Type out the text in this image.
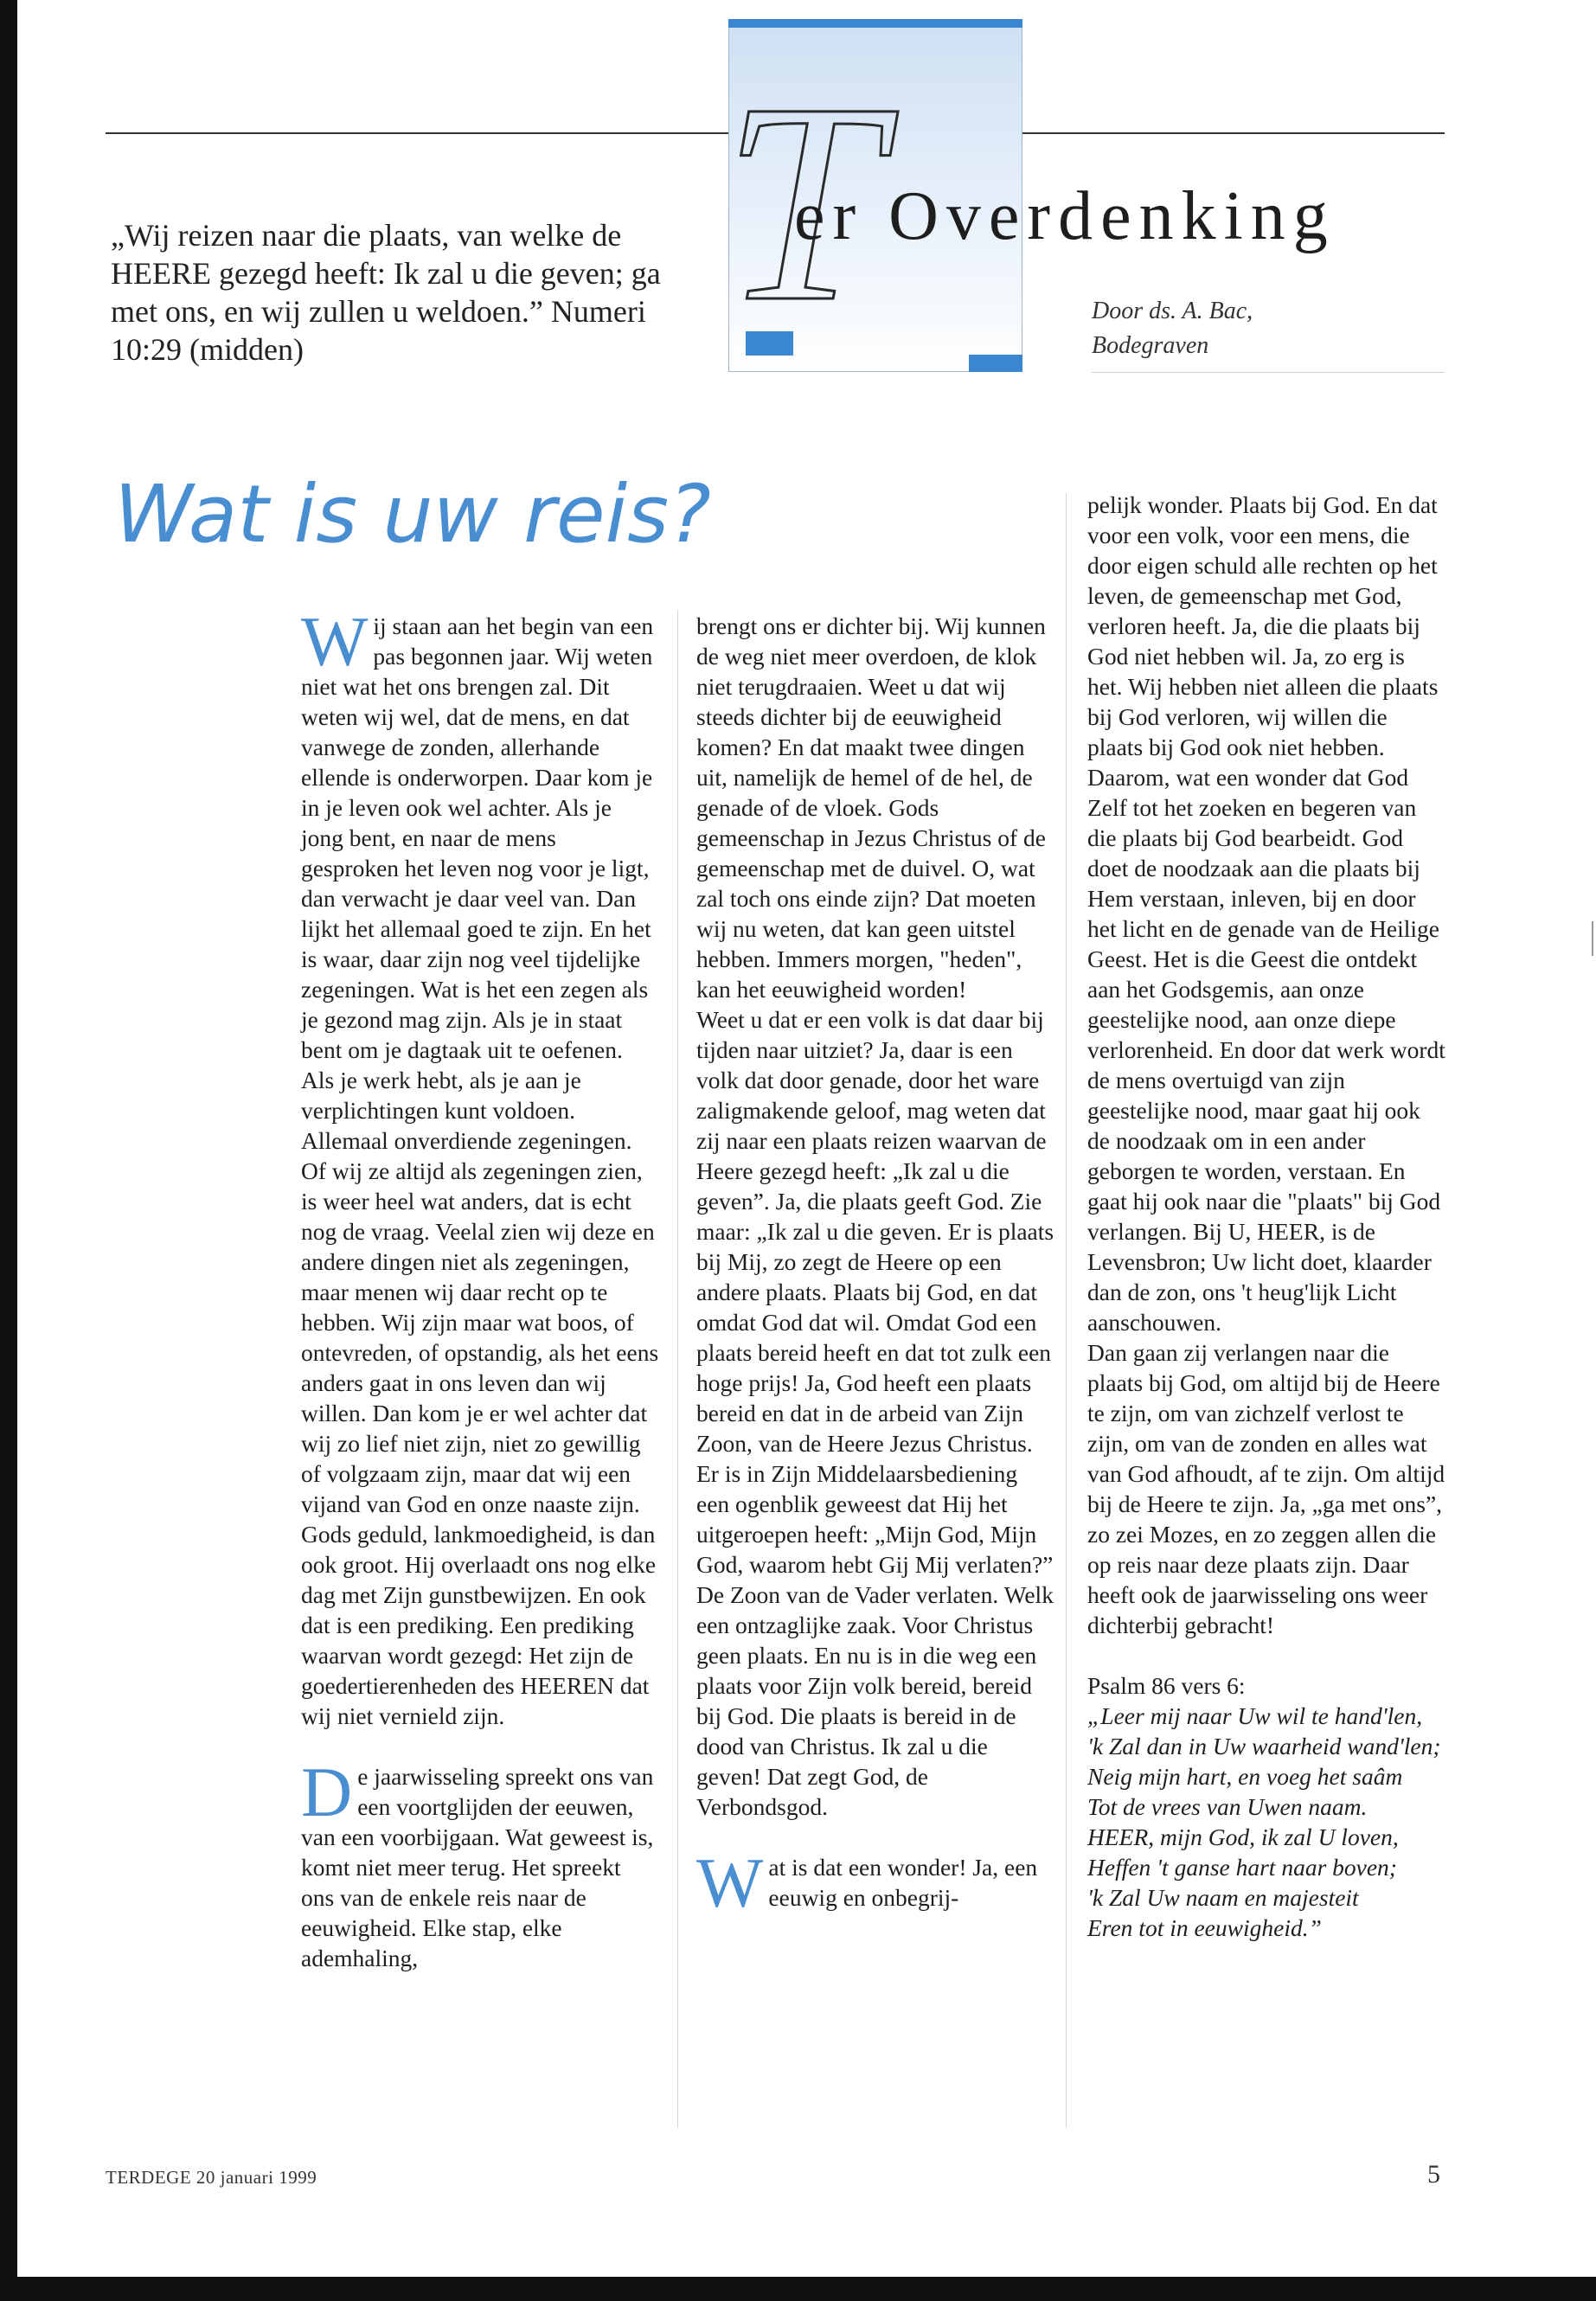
T
er Overdenking
Door ds. A. Bac,
Bodegraven
„Wij reizen naar die plaats, van welke de HEERE gezegd heeft: Ik zal u die geven; ga met ons, en wij zullen u weldoen.” Numeri 10:29 (midden)
Wat is uw reis?

Wij staan aan het begin van een pas begonnen jaar. Wij weten niet wat het ons brengen zal. Dit weten wij wel, dat de mens, en dat vanwege de zonden, allerhande ellende is onderworpen. Daar kom je in je leven ook wel achter. Als je jong bent, en naar de mens gesproken het leven nog voor je ligt, dan verwacht je daar veel van. Dan lijkt het allemaal goed te zijn. En het is waar, daar zijn nog veel tijdelijke zegeningen. Wat is het een zegen als je gezond mag zijn. Als je in staat bent om je dagtaak uit te oefenen. Als je werk hebt, als je aan je verplichtingen kunt voldoen. Allemaal onverdiende zegeningen. Of wij ze altijd als zegeningen zien, is weer heel wat anders, dat is echt nog de vraag. Veelal zien wij deze en andere dingen niet als zegeningen, maar menen wij daar recht op te hebben. Wij zijn maar wat boos, of ontevreden, of opstandig, als het eens anders gaat in ons leven dan wij willen. Dan kom je er wel achter dat wij zo lief niet zijn, niet zo gewillig of volgzaam zijn, maar dat wij een vijand van God en onze naaste zijn. Gods geduld, lankmoedigheid, is dan ook groot. Hij overlaadt ons nog elke dag met Zijn gunstbewijzen. En ook dat is een prediking. Een prediking waarvan wordt gezegd: Het zijn de goedertierenheden des HEEREN dat wij niet vernield zijn.

De jaarwisseling spreekt ons van een voortglijden der eeuwen, van een voorbijgaan. Wat geweest is, komt niet meer terug. Het spreekt ons van de enkele reis naar de eeuwigheid. Elke stap, elke ademhaling,

brengt ons er dichter bij. Wij kunnen de weg niet meer overdoen, de klok niet terugdraaien. Weet u dat wij steeds dichter bij de eeuwigheid komen? En dat maakt twee dingen uit, namelijk de hemel of de hel, de genade of de vloek. Gods gemeenschap in Jezus Christus of de gemeenschap met de duivel. O, wat zal toch ons einde zijn? Dat moeten wij nu weten, dat kan geen uitstel hebben. Immers morgen, "heden", kan het eeuwigheid worden!

Weet u dat er een volk is dat daar bij tijden naar uitziet? Ja, daar is een volk dat door genade, door het ware zaligmakende geloof, mag weten dat zij naar een plaats reizen waarvan de Heere gezegd heeft: „Ik zal u die geven”. Ja, die plaats geeft God. Zie maar: „Ik zal u die geven. Er is plaats bij Mij, zo zegt de Heere op een andere plaats. Plaats bij God, en dat omdat God dat wil. Omdat God een plaats bereid heeft en dat tot zulk een hoge prijs! Ja, God heeft een plaats bereid en dat in de arbeid van Zijn Zoon, van de Heere Jezus Christus.

Er is in Zijn Middelaarsbediening een ogenblik geweest dat Hij het uitgeroepen heeft: „Mijn God, Mijn God, waarom hebt Gij Mij verlaten?” De Zoon van de Vader verlaten. Welk een ontzaglijke zaak. Voor Christus geen plaats. En nu is in die weg een plaats voor Zijn volk bereid, bereid bij God. Die plaats is bereid in de dood van Christus. Ik zal u die geven! Dat zegt God, de Verbondsgod.

Wat is dat een wonder! Ja, een eeuwig en onbegrij-

pelijk wonder. Plaats bij God. En dat voor een volk, voor een mens, die door eigen schuld alle rechten op het leven, de gemeenschap met God, verloren heeft. Ja, die die plaats bij God niet hebben wil. Ja, zo erg is het. Wij hebben niet alleen die plaats bij God verloren, wij willen die plaats bij God ook niet hebben.

Daarom, wat een wonder dat God Zelf tot het zoeken en begeren van die plaats bij God bearbeidt. God doet de noodzaak aan die plaats bij Hem verstaan, inleven, bij en door het licht en de genade van de Heilige Geest. Het is die Geest die ontdekt aan het Godsgemis, aan onze geestelijke nood, aan onze diepe verlorenheid. En door dat werk wordt de mens overtuigd van zijn geestelijke nood, maar gaat hij ook de noodzaak om in een ander geborgen te worden, verstaan. En gaat hij ook naar die "plaats" bij God verlangen. Bij U, HEER, is de Levensbron; Uw licht doet, klaarder dan de zon, ons 't heug'lijk Licht aanschouwen.

Dan gaan zij verlangen naar die plaats bij God, om altijd bij de Heere te zijn, om van zichzelf verlost te zijn, om van de zonden en alles wat van God afhoudt, af te zijn. Om altijd bij de Heere te zijn. Ja, „ga met ons”, zo zei Mozes, en zo zeggen allen die op reis naar deze plaats zijn. Daar heeft ook de jaarwisseling ons weer dichterbij gebracht!

Psalm 86 vers 6:

„Leer mij naar Uw wil te hand'len,
'k Zal dan in Uw waarheid wand'len;
Neig mijn hart, en voeg het saâm
Tot de vrees van Uwen naam.
HEER, mijn God, ik zal U loven,
Heffen 't ganse hart naar boven;
'k Zal Uw naam en majesteit
Eren tot in eeuwigheid.”
TERDEGE 20 januari 1999	5
